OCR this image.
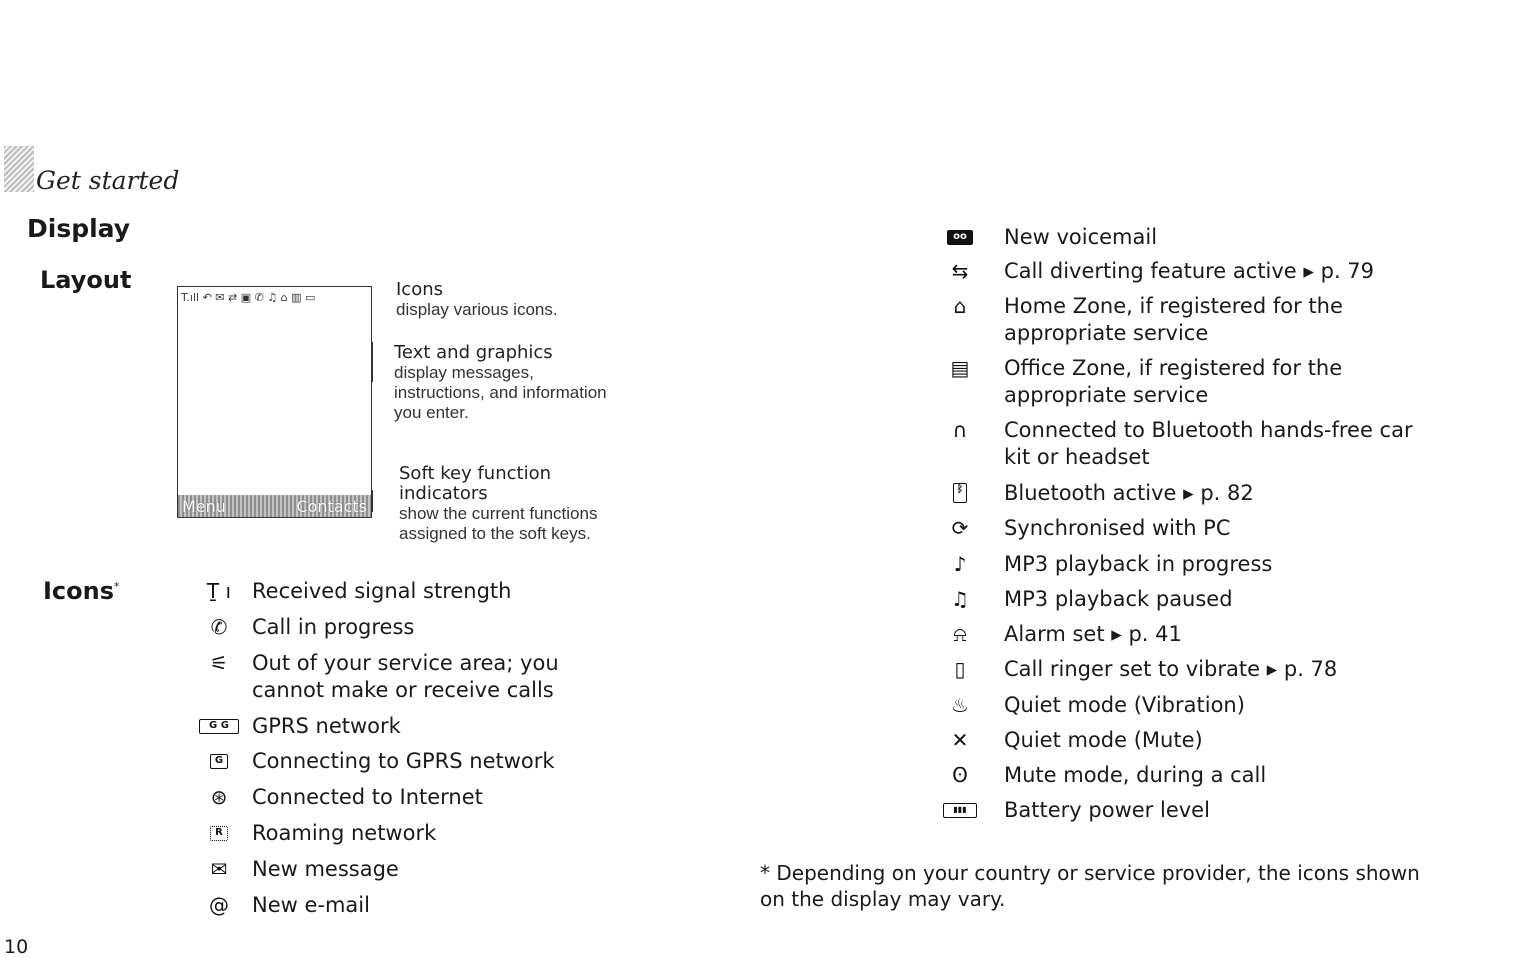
Get started
Display
Layout
Icons*
T.ıll ↶ ✉ ⇄ ▣ ✆ ♫ ⌂ ▥ ▭
Menu	Contacts
Icons
display various icons.
Text and graphics
display messages, instructions, and information you enter.
Soft key function indicators
show the current functions assigned to the soft keys.
Ṯ ı Received signal strength
✆	Call in progress
⚟	Out of your service area; you cannot make or receive calls
G G	GPRS network
G Connecting to GPRS network
⊛	Connected to Internet
R Roaming network
✉	New message
@	New e-mail
oo New voicemail
⇆	Call diverting feature active ▸ p. 79
⌂	Home Zone, if registered for the appropriate service
▤	Office Zone, if registered for the appropriate service
∩	Connected to Bluetooth hands-free car kit or headset
ᛒ Bluetooth active ▸ p. 82
⟳	Synchronised with PC
♪	MP3 playback in progress
♫	MP3 playback paused
⍾	Alarm set ▸ p. 41
▯	Call ringer set to vibrate ▸ p. 78
♨	Quiet mode (Vibration)
✕	Quiet mode (Mute)
ʘ	Mute mode, during a call
▮▮▮	Battery power level
* Depending on your country or service provider, the icons shown on the display may vary.
10
